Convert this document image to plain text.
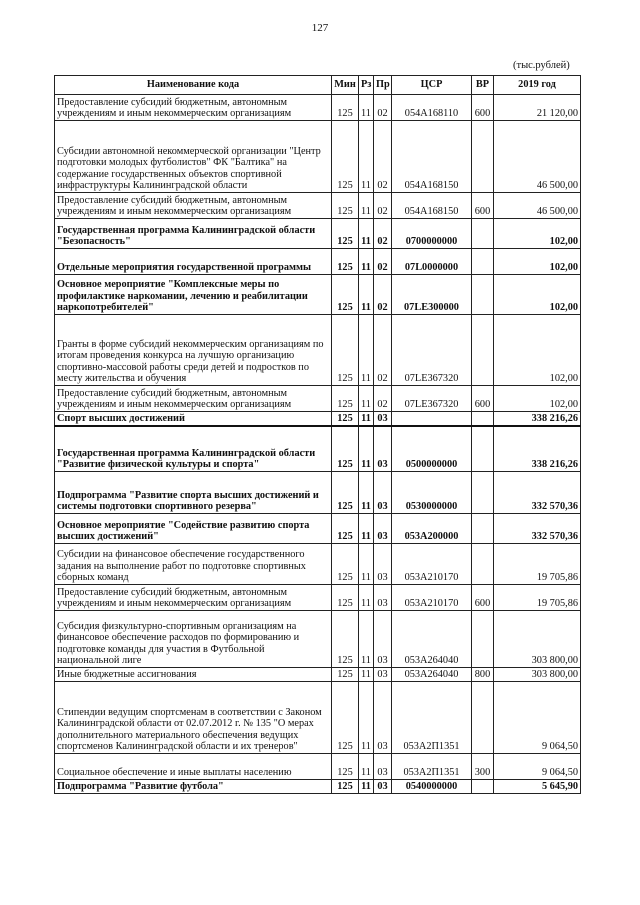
127
(тыс.рублей)
Наименование кода	Мин	Рз	Пр	ЦСР	ВР	2019 год
Предоставление субсидий бюджетным, автономным учреждениям и иным некоммерческим организациям	125	11	02	054A168110	600	21 120,00
Субсидии автономной некоммерческой организации "Центр подготовки молодых футболистов" ФК "Балтика" на содержание государственных объектов спортивной инфраструктуры Калининградской области	125	11	02	054A168150		46 500,00
Предоставление субсидий бюджетным, автономным учреждениям и иным некоммерческим организациям	125	11	02	054A168150	600	46 500,00
Государственная программа Калининградской области "Безопасность"	125	11	02	0700000000		102,00
Отдельные мероприятия государственной программы	125	11	02	07L0000000		102,00
Основное мероприятие "Комплексные меры по профилактике наркомании, лечению и реабилитации наркопотребителей"	125	11	02	07LE300000		102,00
Гранты в форме субсидий некоммерческим организациям по итогам проведения конкурса на лучшую организацию спортивно-массовой работы среди детей и подростков по месту жительства и обучения	125	11	02	07LE367320		102,00
Предоставление субсидий бюджетным, автономным учреждениям и иным некоммерческим организациям	125	11	02	07LE367320	600	102,00
Спорт высших достижений	125	11	03			338 216,26
Государственная программа Калининградской области "Развитие физической культуры и спорта"	125	11	03	0500000000		338 216,26
Подпрограмма "Развитие спорта высших достижений и системы подготовки спортивного резерва"	125	11	03	0530000000		332 570,36
Основное мероприятие "Содействие развитию спорта высших достижений"	125	11	03	053A200000		332 570,36
Субсидии на финансовое обеспечение государственного задания на выполнение работ по подготовке спортивных сборных команд	125	11	03	053A210170		19 705,86
Предоставление субсидий бюджетным, автономным учреждениям и иным некоммерческим организациям	125	11	03	053A210170	600	19 705,86
Субсидия физкультурно-спортивным организациям на финансовое обеспечение расходов по формированию и подготовке команды для участия в Футбольной национальной лиге	125	11	03	053A264040		303 800,00
Иные бюджетные ассигнования	125	11	03	053A264040	800	303 800,00
Стипендии ведущим спортсменам в соответствии с Законом Калининградской области от 02.07.2012 г. № 135 "О мерах дополнительного материального обеспечения ведущих спортсменов Калининградской области и их тренеров"	125	11	03	053A2П1351		9 064,50
Социальное обеспечение и иные выплаты населению	125	11	03	053A2П1351	300	9 064,50
Подпрограмма "Развитие футбола"	125	11	03	0540000000		5 645,90
